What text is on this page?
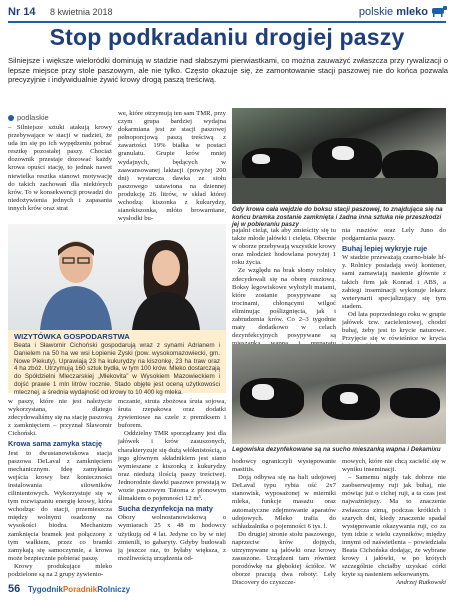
Nr 14 8 kwietnia 2018	polskie mleko
Stop podkradaniu drogiej paszy
Silniejsze i większe wieloródki dominują w stadzie nad słabszymi pierwiastkami, co można zauważyć zwłaszcza przy rywalizacji o lepsze miejsce przy stole paszowym, ale nie tylko. Często okazuje się, że zamontowanie stacji paszowej nie do końca pozwala precyzyjnie i indywidualnie żywić krowy drogą paszą treściwą.
podlaskie

– Silniejsze sztuki atakują krowy przebywające w stacji w nadziei, że uda im się po ich wypędzeniu pobrać resztkę pozostałej paszy. Chociaż dozownik przestaje dozować każdy krowa opuści stację, to jednak nawet niewielka resztka stanowi motywację do takich zachowań dla niektórych krów. To w konsekwencji prowadzi do niedożywienia jednych i zapasania innych krów oraz strat

we, które otrzymują ten sam TMR, przy czym grupa bardziej wydajna dokarmiana jest ze stacji paszowej pełnoporcjową paszą treściwą z zawartości 19% białka w postaci granulatu. Grupie krów mniej wydajnych, będących w zaawansowanej laktacji (powyżej 200 dni) wystarcza dawka ze stołu paszowego ustawiona na dziennej produkcję 26 litrów, w skład której wchodzą: kiszonka z kukurydzy, sianokiszonka, młóto browarniane, wysłodki bu-

Gdy krowa cała wejdzie do boksu stacji paszowej, to znajdująca się na końcu bramka zostanie zamknięta i żadna inna sztuka nie przeszkodzi jej w pobieraniu paszy

pajalni cieląt, tak aby zmieścity się tu także młode jałówki i cielęta. Obecnie w oborze przebywają wszystkie krowy oraz młodzież hodowlana powyżej 1 roku życia.

Ze względu na brak słomy rolnicy zdecydowali się na oborę rusztową. Boksy legowiskowe wyłożyli matami, które zostanie posypywane są trocinami, chłonącymi wilgoć eliminując poślizgnięcia, jak i zabrudzenia krów. Co 2–3 tygodnie maty dodatkowo w celach dezynfekcyjnych posypywane są

nia rusztów oraz Lely Juno do podgarniania paszy.

Buhaj lepiej wykryje ruje

W stadzie przeważają czarno-białe hf-y. Rolnicy posiadają swój kontener, sami zamawiają nasienie głównie z takich firm jak Konrad i ABS, a zabiegi inseminacji wykonuje lekarz weterynarii specjalizujący się tym stadem.

Od lata poprzedniego roku w grupie jałówek tzw. zacieleniowej, chodzi buhaj, żeby jest to krycie naturowe. Przyjęcie się w rówieśnice w krycia

WIZYTÓWKA GOSPODARSTWA
Beata i Sławomir Cichoński gospodarują wraz z synami Adrianem i Danielem na 50 ha we wsi Łopienie Zyski (pow. wysokomazowiecki, gm. Nowe Piekuty). Uprawiają 23 ha kukurydzy na kiszonkę, 23 ha traw oraz 4 ha zbóż. Utrzymują 160 sztuk bydła, w tym 100 krów. Mleko dostarczają do Spółdzielni Mleczarskiej „Mlekovita” w Wysokiem Mazowieckiem i dojść prawie 1 mln litrów rocznie. Stado objęte jest oceną użytkowości mlecznej, a średnia wydajność od krowy to 10 400 kg mleka.
Legowiska dezynfekowane są na sucho mieszanką wapna i Dekamixu

w paszy, które nie jest należycie wykorzystana, dlatego zdecydowaliśmy się na stację paszową z zamknięciem – przyznał Sławomir Cichoński.

Krowa sama zamyka stację

Jest to dwustanowiskowa stacja paszowa DeLaval z zamknięciem mechanicznym. Ideę zamykania wejścia krowy bez konieczności instalowania silowników cilinientowych. Wykorzystuje się w tym rozwiązaniu energię krowy, która wchodząc do stacji, przemieszcza między wolnymi osadzony na wysokości biodra. Mechanizm zamknięcia bramek jest połączony z tym wałkiem, przez co bramki zamykają się samoczynnie, a krowa może bezpiecznie pobierać paszę.

Krowy produkujące mleko podzielone są na 2 grupy żywienio-

mczanie, struta zbożowa śruta sojowa, śruta rzepakowa oraz dodatki żywieniowe na czele z premiksem i buforem.

Oddzielny TMR sporządzany jest dla jałówek i krów zasuszonych, charakteryzuje się dużą włóknistością, a jego głównym składnikiem jest siano wymieszane z kiszonką z kukurydzy oraz niedużą ilością paszy treściwej. Jednorodnie dawki paszowe powstają w wozie paszowym Tatoma z pionowym ślimakiem o pojemności 12 m³.

Sucha dezynfekcja na maty

Obory wolnostanowiskową o wymiarach 25 x 48 m hodowcy użytkują od 4 lat. Jedyne co by w niej zmienili, to gabaryty. Gdyby budowali ją jeszcze raz, to byłaby większa, z możliwością urządzenia od-

hodowcy ograniczyli występowanie mastitis.

Doją odbywa się na hali udojowej DeLaval typu rybia ość 2x7 stanowisk, wyposażonej w mierniki mleka, funkcje masażu oraz automatyczne zdejmowanie aparatów udojowych. Mleko trafia do schładzalnika o pojemności 6 tys. l.

Do drugiej stronie stołu paszowego, naprzeciw krów dojnych, utrzymywane są jałówki oraz krowy zasuszone. Urządzeni tam również porodówkę na głębokiej ściółce. W oborze pracują dwa roboty: Lely Discovery do czyszcze-

mowych, które nie chcą zacielić się w wyniku inseminacji.

– Samemu nigdy tak dobrze nie zaobserwujemy ruji jak buhaj, nie mówiąc już o cichej ruji, a ta czas jest najważniejszy. Ma to znaczenie zwłaszcza zimą, podczas krótkich i szarych dni, kiedy znaczenie spadał występowanie okazywania ruji, co za tym idzie z wielu czynników; między innymi od naświetlenia – powiedziała Beata Cichońska dodając, że wybrane krowy i jałówki, w po krótych szczególnie chciałby uzyskać córki kryte są nasieniem seksowanym.

Andrzej Rutkowski

56 TygodnikPoradnikRolniczy
